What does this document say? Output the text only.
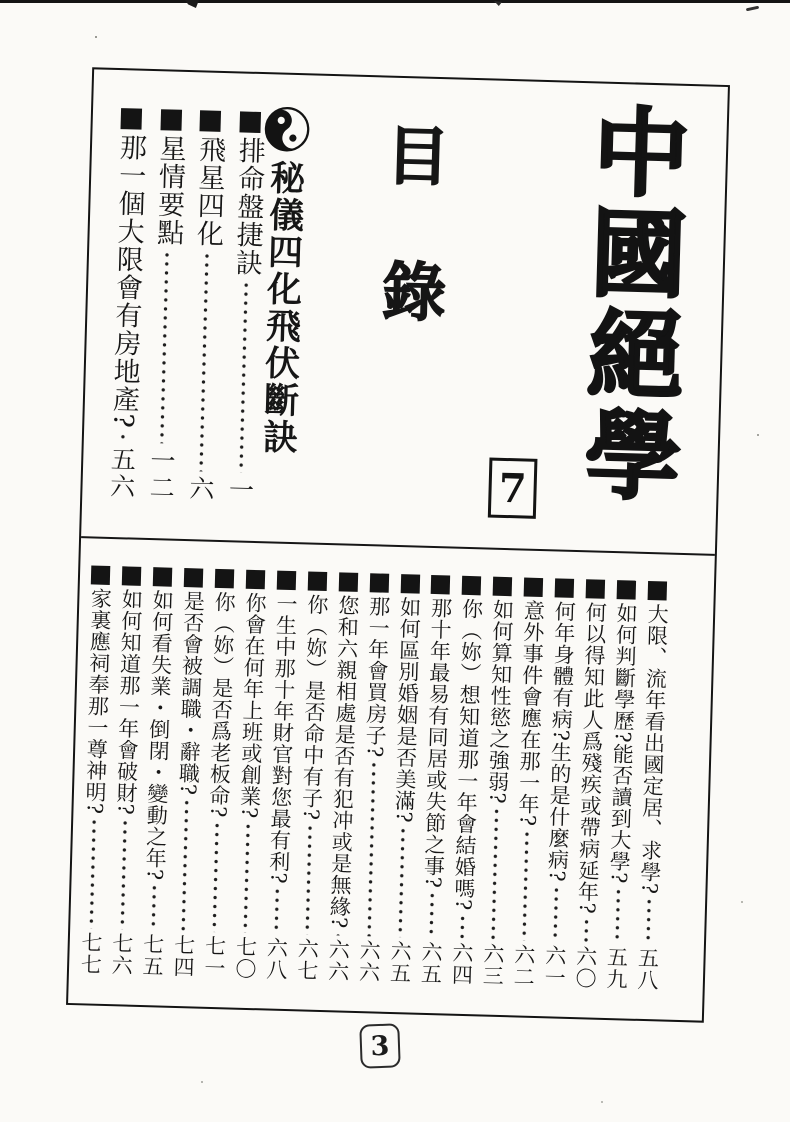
中國絕學
7
目錄
秘儀四化飛伏斷訣
排命盤捷訣
一
飛星四化
六
星情要點
一二
那一個大限會有房地產?
五六
大限、流年看出國定居、求學?
五八
如何判斷學歷?能否讀到大學?
五九
何以得知此人爲殘疾或帶病延年?
六〇
何年身體有病?生的是什麼病?
六一
意外事件會應在那一年?
六二
如何算知性慾之強弱?
六三
你（妳）想知道那一年會結婚嗎?
六四
那十年最易有同居或失節之事?
六五
如何區別婚姻是否美滿?
六五
那一年會買房子?
六六
您和六親相處是否有犯冲或是無緣?
六六
你（妳）是否命中有子?
六七
一生中那十年財官對您最有利?
六八
你會在何年上班或創業?
七〇
你（妳）是否爲老板命?
七一
是否會被調職・辭職?
七四
如何看失業・倒閉・變動之年?
七五
如何知道那一年會破財?
七六
家裏應祠奉那一尊神明?
七七
3
